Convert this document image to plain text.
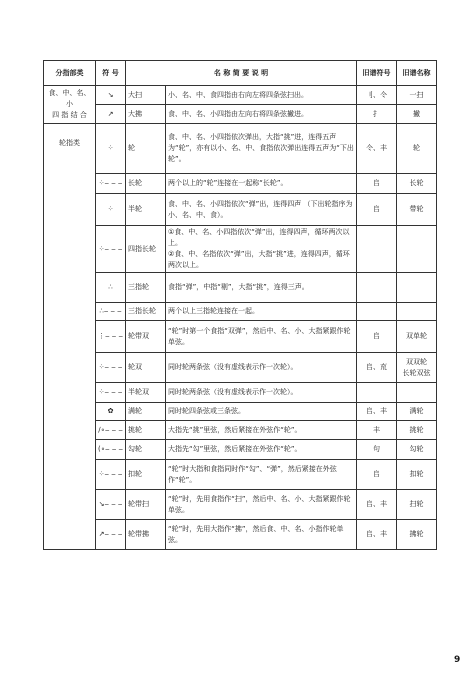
分指部类	符 号	名 称 简 要 说 明		旧谱符号	旧谱名称
食、中、名、小
四 指 结 合	↘	大扫	小、名、中、食四指由右向左将四条弦扫出。	刂、仒	一扫
	↗	大拂	食、中、名、小四指由左向右将四条弦撇进。	扌	撇
轮指类	⁘	轮	食、中、名、小四指依次弹出，大指“挑”进，连得五声为“轮”，亦有以小、名、中、食指依次弹出连得五声为“下出轮”。	仒、丰	轮
	⁘‒ ‒ ‒	长轮	两个以上的“轮”连接在一起称“长轮”。	𠂤	长轮
	⁘	半轮	食、中、名、小四指依次“弹”出，连得四声 （下出轮指序为小、名、中、食）。	𠂤	带轮
	⁘‒ ‒ ‒	四指长轮	①食、中、名、小四指依次“弹”出，连得四声，循环两次以上。
②食、中、名指依次“弹”出，大指“挑”进，连得四声，循环两次以上。		
	∴	三指轮	食指“弹”，中指“剔”，大指“挑”，连得三声。		
	∴‒ ‒ ‒	三指长轮	两个以上三指轮连接在一起。		
	⋮‒ ‒ ‒	轮带双	“轮”时第一个食指“双弹”，然后中、名、小、大指紧跟作轮单弦。	𠂤	双单轮
	⁘‒ ‒ ‒	轮双	同时轮两条弦（没有虚线表示作一次轮）。	𠂤、㐬	双双轮
长轮双弦
	⁘‒ ‒ ‒	半轮双	同时轮两条弦（没有虚线表示作一次轮）。		
	✿	满轮	同时轮四条弦或三条弦。	𠂤、丰	满轮
	∕∘‒ ‒ ‒	挑轮	大指先“挑”里弦，然后紧接在外弦作“轮”。	丰	挑轮
	(∘‒ ‒ ‒	勾轮	大指先“勾”里弦，然后紧接在外弦作“轮”。	句	勾轮
	⁘‒ ‒ ‒	扣轮	“轮”时大指和食指同时作“勾”、“弹”，然后紧接在外弦作“轮”。	𠂤	扣轮
	↘‒ ‒ ‒	轮带扫	“轮”时，先用食指作“扫”，然后中、名、小、大指紧跟作轮单弦。	𠂤、丰	扫轮
	↗‒ ‒ ‒	轮带拂	“轮”时，先用大指作“拂”，然后食、中、名、小指作轮单弦。	𠂤、丰	拂轮
9
